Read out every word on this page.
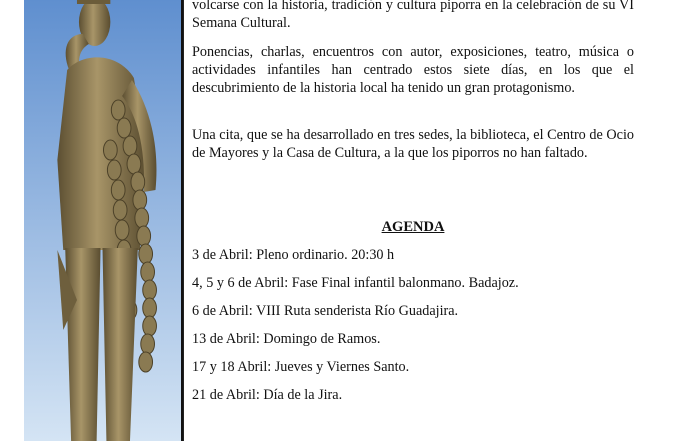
volcarse con la historia, tradición y cultura piporra en la celebración de su VI Semana Cultural.

Ponencias, charlas, encuentros con autor, exposiciones, teatro, música o actividades infantiles han centrado estos siete días, en los que el descubrimiento de la historia local ha tenido un gran protagonismo.

Una cita, que se ha desarrollado en tres sedes, la biblioteca, el Centro de Ocio de Mayores y la Casa de Cultura, a la que los piporros no han faltado.

AGENDA
3 de Abril: Pleno ordinario. 20:30 h
4, 5 y 6 de Abril: Fase Final infantil balonmano. Badajoz.
6 de Abril: VIII Ruta senderista Río Guadajira.
13 de Abril: Domingo de Ramos.
17 y 18 Abril: Jueves y Viernes Santo.
21 de Abril: Día de la Jira.
